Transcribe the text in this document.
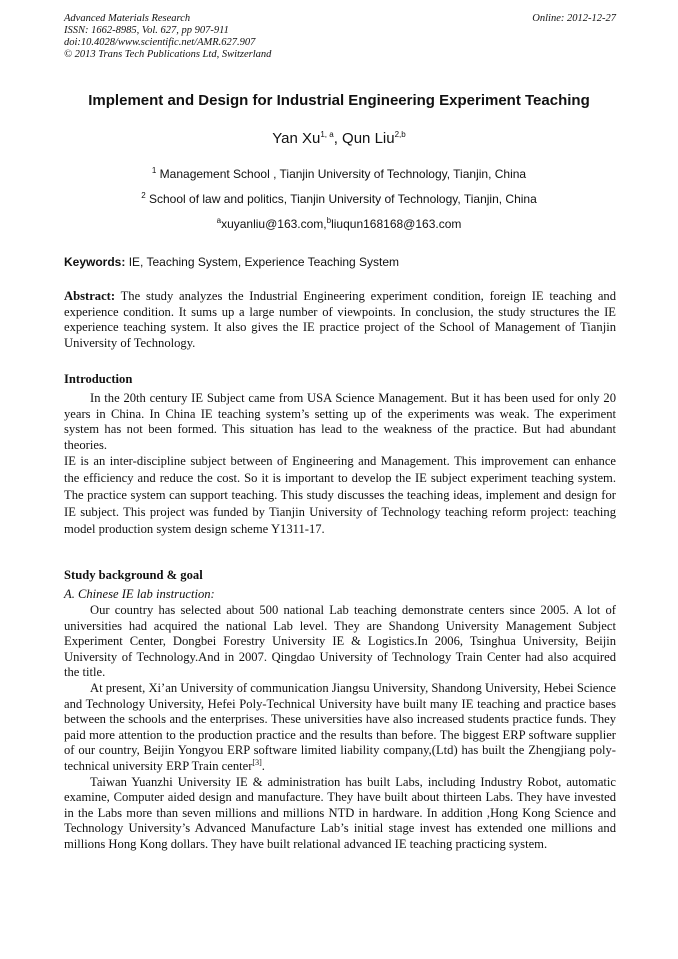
Advanced Materials Research
ISSN: 1662-8985, Vol. 627, pp 907-911
doi:10.4028/www.scientific.net/AMR.627.907
© 2013 Trans Tech Publications Ltd, Switzerland
Online: 2012-12-27
Implement and Design for Industrial Engineering Experiment Teaching
Yan Xu$^{1, a}$, Qun Liu$^{2,b}$
$^1$ Management School , Tianjin University of Technology, Tianjin, China
$^2$ School of law and politics, Tianjin University of Technology, Tianjin, China
$^a$xuyanliu@163.com,$^b$liuqun168168@163.com
Keywords: IE, Teaching System, Experience Teaching System

Abstract: The study analyzes the Industrial Engineering experiment condition, foreign IE teaching and experience condition. It sums up a large number of viewpoints. In conclusion, the study structures the IE experience teaching system. It also gives the IE practice project of the School of Management of Tianjin University of Technology.

Introduction

In the 20th century IE Subject came from USA Science Management. But it has been used for only 20 years in China. In China IE teaching system’s setting up of the experiments was weak. The experiment system has not been formed. This situation has lead to the weakness of the practice. But had abundant theories.

IE is an inter-discipline subject between of Engineering and Management. This improvement can enhance the efficiency and reduce the cost. So it is important to develop the IE subject experiment teaching system. The practice system can support teaching. This study discusses the teaching ideas, implement and design for IE subject. This project was funded by Tianjin University of Technology teaching reform project: teaching model production system design scheme Y1311-17.

Study background & goal
A. Chinese IE lab instruction:

Our country has selected about 500 national Lab teaching demonstrate centers since 2005. A lot of universities had acquired the national Lab level. They are Shandong University Management Subject Experiment Center, Dongbei Forestry University IE & Logistics.In 2006, Tsinghua University, Beijin University of Technology.And in 2007. Qingdao University of Technology Train Center had also acquired the title.

At present, Xi’an University of communication Jiangsu University, Shandong University, Hebei Science and Technology University, Hefei Poly-Technical University have built many IE teaching and practice bases between the schools and the enterprises. These universities have also increased students practice funds. They paid more attention to the production practice and the results than before. The biggest ERP software supplier of our country, Beijin Yongyou ERP software limited liability company,(Ltd) has built the Zhengjiang poly-technical university ERP Train center[3].

Taiwan Yuanzhi University IE & administration has built Labs, including Industry Robot, automatic examine, Computer aided design and manufacture. They have built about thirteen Labs. They have invested in the Labs more than seven millions and millions NTD in hardware. In addition ,Hong Kong Science and Technology University’s Advanced Manufacture Lab’s initial stage invest has extended one millions and millions Hong Kong dollars. They have built relational advanced IE teaching practicing system.
